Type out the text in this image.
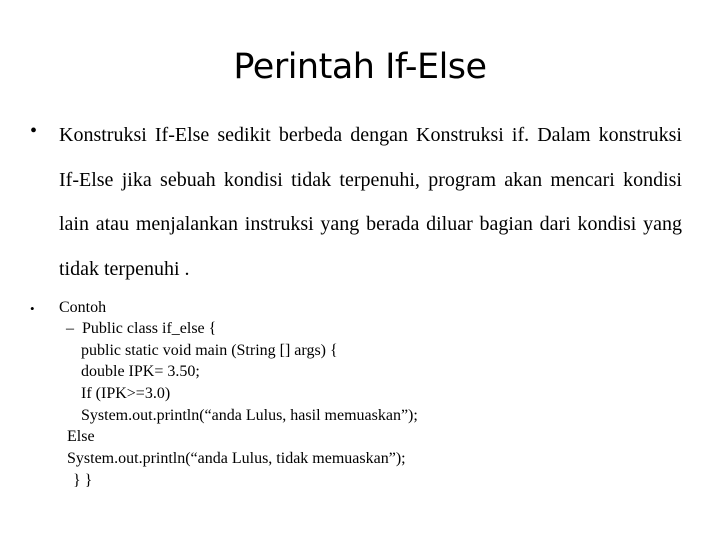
Perintah If-Else
• Konstruksi If-Else sedikit berbeda dengan Konstruksi if. Dalam konstruksi If-Else jika sebuah kondisi tidak terpenuhi, program akan mencari kondisi lain atau menjalankan instruksi yang berada diluar bagian dari kondisi yang tidak terpenuhi .
• Contoh
–  Public class if_else {
public static void main (String [] args) {
double IPK= 3.50;
If (IPK>=3.0)
System.out.println(“anda Lulus, hasil memuaskan”);
Else
System.out.println(“anda Lulus, tidak memuaskan”);
} }
